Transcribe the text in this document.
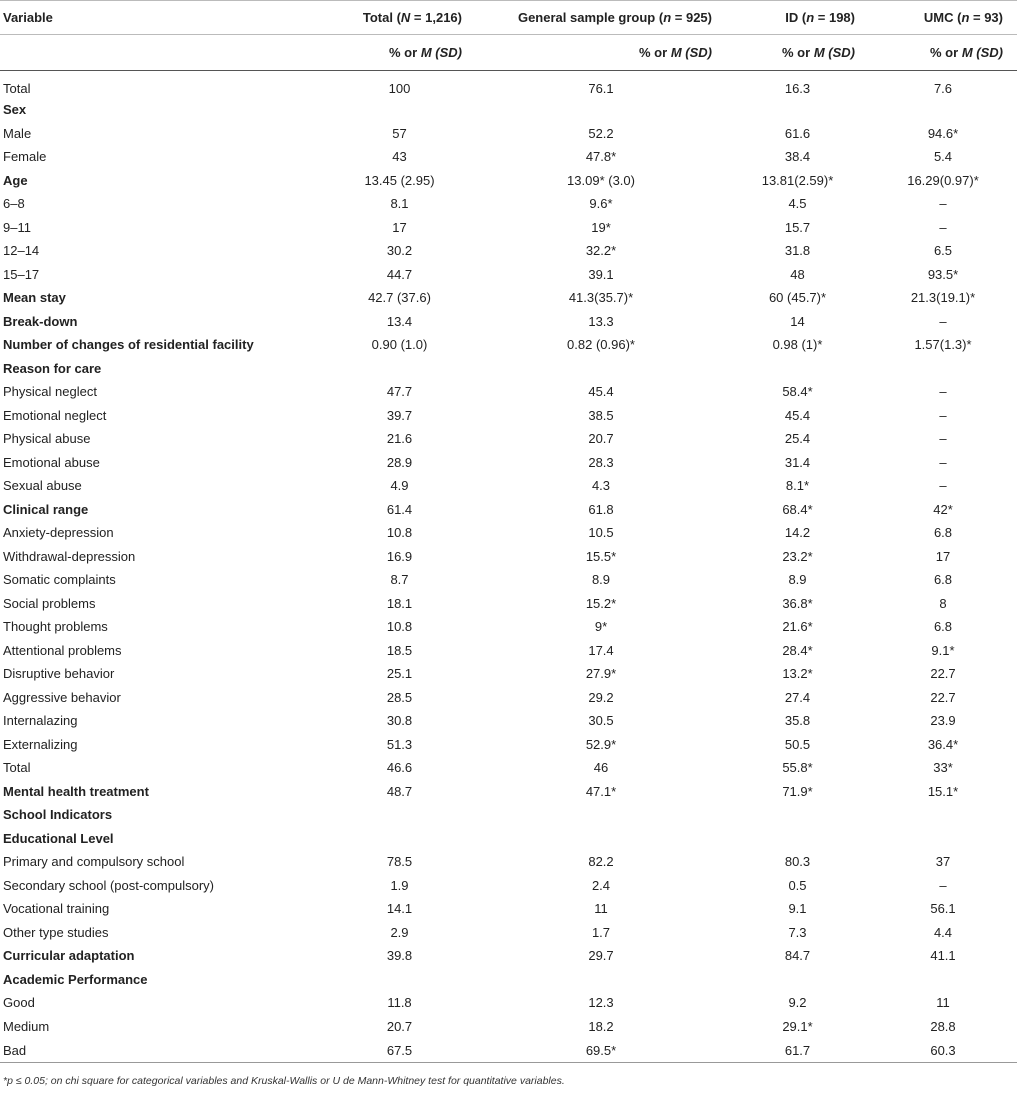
Variable	Total (N = 1,216)	General sample group (n = 925)	ID (n = 198)	UMC (n = 93)
	% or M (SD)	% or M (SD)	% or M (SD)	% or M (SD)
Total	100	76.1	16.3	7.6
Sex				
Male	57	52.2	61.6	94.6*
Female	43	47.8*	38.4	5.4
Age	13.45 (2.95)	13.09* (3.0)	13.81(2.59)*	16.29(0.97)*
6–8	8.1	9.6*	4.5	–
9–11	17	19*	15.7	–
12–14	30.2	32.2*	31.8	6.5
15–17	44.7	39.1	48	93.5*
Mean stay	42.7 (37.6)	41.3(35.7)*	60 (45.7)*	21.3(19.1)*
Break-down	13.4	13.3	14	–
Number of changes of residential facility	0.90 (1.0)	0.82 (0.96)*	0.98 (1)*	1.57(1.3)*
Reason for care				
Physical neglect	47.7	45.4	58.4*	–
Emotional neglect	39.7	38.5	45.4	–
Physical abuse	21.6	20.7	25.4	–
Emotional abuse	28.9	28.3	31.4	–
Sexual abuse	4.9	4.3	8.1*	–
Clinical range	61.4	61.8	68.4*	42*
Anxiety-depression	10.8	10.5	14.2	6.8
Withdrawal-depression	16.9	15.5*	23.2*	17
Somatic complaints	8.7	8.9	8.9	6.8
Social problems	18.1	15.2*	36.8*	8
Thought problems	10.8	9*	21.6*	6.8
Attentional problems	18.5	17.4	28.4*	9.1*
Disruptive behavior	25.1	27.9*	13.2*	22.7
Aggressive behavior	28.5	29.2	27.4	22.7
Internalazing	30.8	30.5	35.8	23.9
Externalizing	51.3	52.9*	50.5	36.4*
Total	46.6	46	55.8*	33*
Mental health treatment	48.7	47.1*	71.9*	15.1*
School Indicators				
Educational Level				
Primary and compulsory school	78.5	82.2	80.3	37
Secondary school (post-compulsory)	1.9	2.4	0.5	–
Vocational training	14.1	11	9.1	56.1
Other type studies	2.9	1.7	7.3	4.4
Curricular adaptation	39.8	29.7	84.7	41.1
Academic Performance				
Good	11.8	12.3	9.2	11
Medium	20.7	18.2	29.1*	28.8
Bad	67.5	69.5*	61.7	60.3
*p ≤ 0.05; on chi square for categorical variables and Kruskal-Wallis or U de Mann-Whitney test for quantitative variables.
